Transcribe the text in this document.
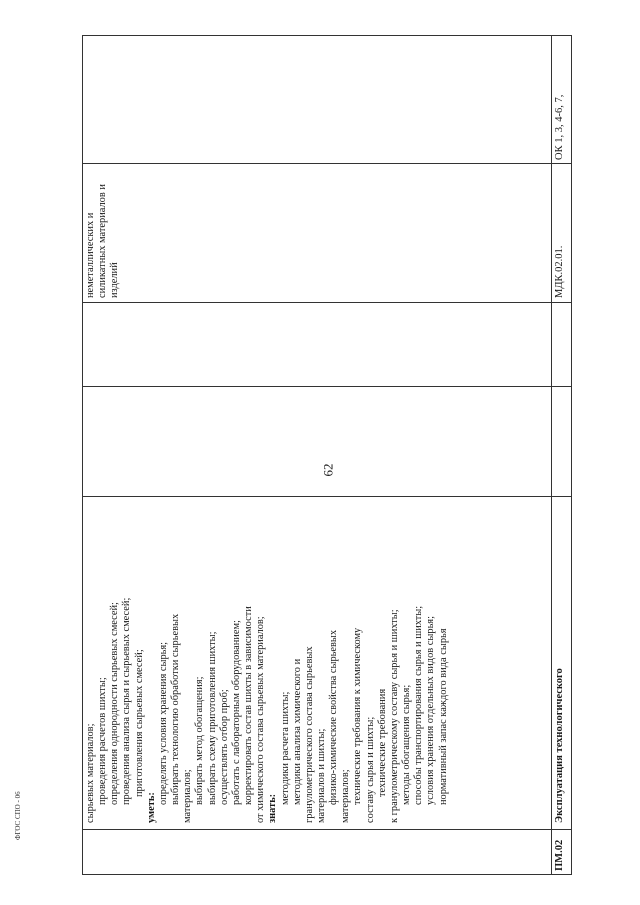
62
ФГОС СПО - 06	сырьевых материалов; проведения расчетов шихты; определения однородности сырьевых смесей; проведения анализа сырья и сырьевых смесей; приготовления сырьевых смесей;
уметь:
определять условия хранения сырья; выбирать технологию обработки сырьевых материалов; выбирать метод обогащения; выбирать схему приготовления шихты; осуществлять отбор проб; работать с лабораторным оборудованием; корректировать состав шихты в зависимости от химического состава сырьевых материалов; знать:
методики расчета шихты; методики анализа химического и гранулометрического состава сырьевых материалов и шихты; физико-химические свойства сырьевых материалов; технические требования к химическому составу сырья и шихты; технические требования к гранулометрическому составу сырья и шихты; методы обогащения сырья; способы транспортирования сырья и шихты; условия хранения отдельных видов сырья; нормативный запас каждого вида сырья
неметаллических и силикатных материалов и изделий
ПМ.02
Эксплуатация технологического
МДК.02.01.
ОК 1, 3, 4-6, 7,
